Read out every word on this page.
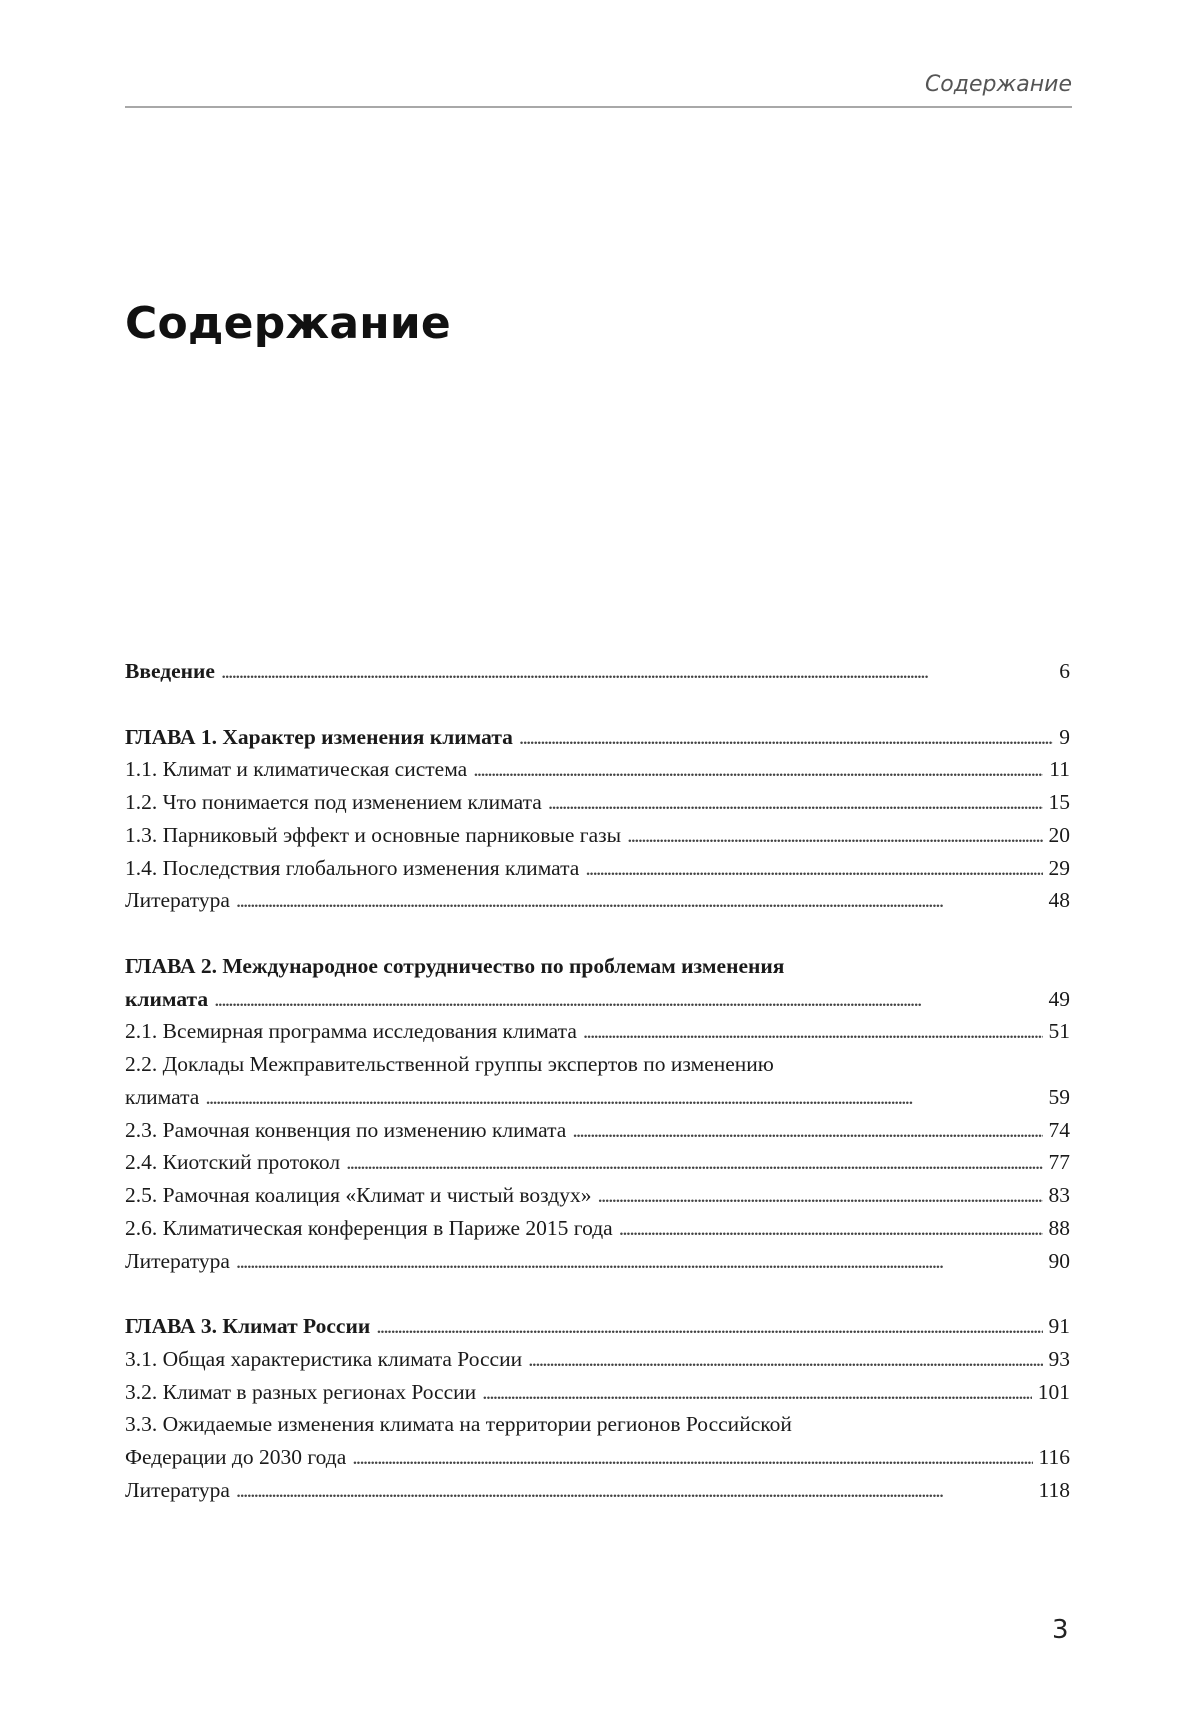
Содержание
Содержание
Введение . . .	6
ГЛАВА 1. Характер изменения климата . . .	9
1.1. Климат и климатическая система . . .	11
1.2. Что понимается под изменением климата . . .	15
1.3. Парниковый эффект и основные парниковые газы . . .	20
1.4. Последствия глобального изменения климата . . .	29
Литература . . .	48
ГЛАВА 2. Международное сотрудничество по проблемам изменения
климата . . .	49
2.1. Всемирная программа исследования климата . . .	51
2.2. Доклады Межправительственной группы экспертов по изменению
климата . . .	59
2.3. Рамочная конвенция по изменению климата . . .	74
2.4. Киотский протокол . . .	77
2.5. Рамочная коалиция «Климат и чистый воздух» . . .	83
2.6. Климатическая конференция в Париже 2015 года . . .	88
Литература . . .	90
ГЛАВА 3. Климат России . . .	91
3.1. Общая характеристика климата России . . .	93
3.2. Климат в разных регионах России . . .	101
3.3. Ожидаемые изменения климата на территории регионов Российской
Федерации до 2030 года . . .	116
Литература . . .	118
3
